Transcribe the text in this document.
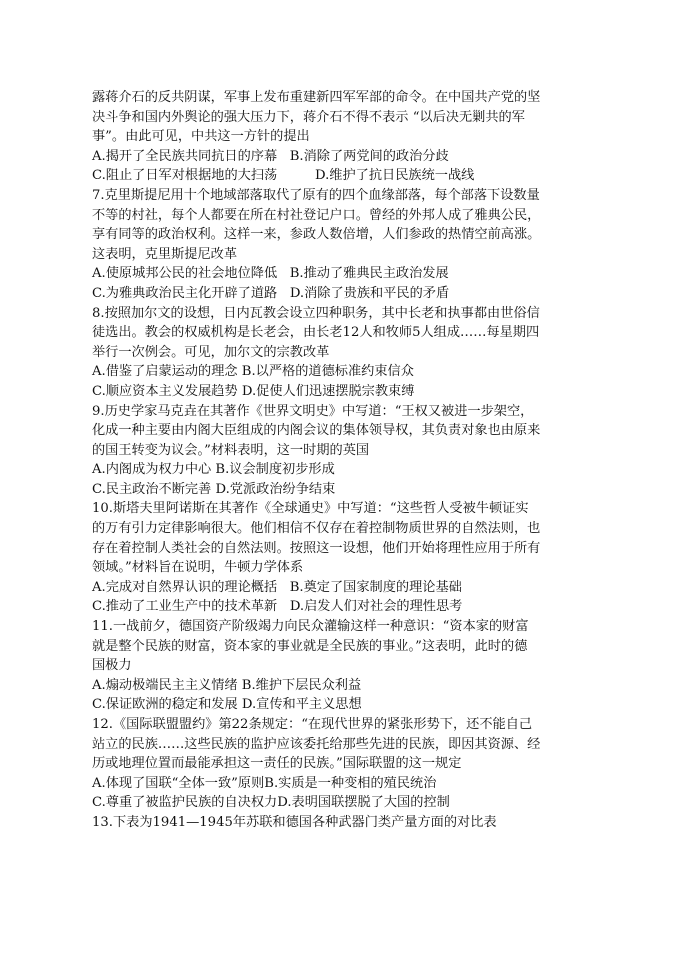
露蒋介石的反共阴谋，军事上发布重建新四军军部的命令。在中国共产党的坚
决斗争和国内外舆论的强大压力下，蒋介石不得不表示 “以后决无剿共的军
事”。由此可见，中共这一方针的提出
A.揭开了全民族共同抗日的序幕   B.消除了两党间的政治分歧
C.阻止了日军对根据地的大扫荡         D.维护了抗日民族统一战线
7.克里斯提尼用十个地域部落取代了原有的四个血缘部落，每个部落下设数量
不等的村社，每个人都要在所在村社登记户口。曾经的外邦人成了雅典公民，
享有同等的政治权利。这样一来，参政人数倍增，人们参政的热情空前高涨。
这表明，克里斯提尼改革
A.使原城邦公民的社会地位降低   B.推动了雅典民主政治发展
C.为雅典政治民主化开辟了道路   D.消除了贵族和平民的矛盾
8.按照加尔文的设想，日内瓦教会设立四种职务，其中长老和执事都由世俗信
徒选出。教会的权威机构是长老会，由长老12人和牧师5人组成……每星期四
举行一次例会。可见，加尔文的宗教改革
A.借鉴了启蒙运动的理念 B.以严格的道德标准约束信众
C.顺应资本主义发展趋势 D.促使人们迅速摆脱宗教束缚
9.历史学家马克垚在其著作《世界文明史》中写道：“王权又被进一步架空，
化成一种主要由内阁大臣组成的内阁会议的集体领导权，其负责对象也由原来
的国王转变为议会。”材料表明，这一时期的英国
A.内阁成为权力中心 B.议会制度初步形成
C.民主政治不断完善 D.党派政治纷争结束
10.斯塔夫里阿诺斯在其著作《全球通史》中写道：“这些哲人受被牛顿证实
的万有引力定律影响很大。他们相信不仅存在着控制物质世界的自然法则，也
存在着控制人类社会的自然法则。按照这一设想，他们开始将理性应用于所有
领域。”材料旨在说明，牛顿力学体系
A.完成对自然界认识的理论概括   B.奠定了国家制度的理论基础
C.推动了工业生产中的技术革新   D.启发人们对社会的理性思考
11.一战前夕，德国资产阶级竭力向民众灌输这样一种意识：“资本家的财富
就是整个民族的财富，资本家的事业就是全民族的事业。”这表明，此时的德
国极力
A.煽动极端民主主义情绪 B.维护下层民众利益
C.保证欧洲的稳定和发展 D.宣传和平主义思想
12.《国际联盟盟约》第22条规定：“在现代世界的紧张形势下，还不能自己
站立的民族……这些民族的监护应该委托给那些先进的民族，即因其资源、经
历或地理位置而最能承担这一责任的民族。”国际联盟的这一规定
A.体现了国联“全体一致”原则B.实质是一种变相的殖民统治
C.尊重了被监护民族的自决权力D.表明国联摆脱了大国的控制
13.下表为1941—1945年苏联和德国各种武器门类产量方面的对比表
